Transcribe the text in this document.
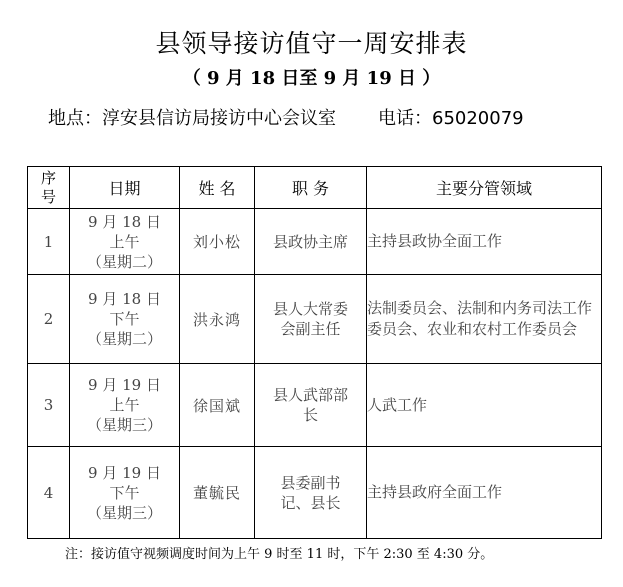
县领导接访值守一周安排表
（ 9 月 18 日至 9 月 19 日 ）
地点：淳安县信访局接访中心会议室 电话：65020079
序
号	日期	姓 名	职 务	主要分管领域
1	9 月 18 日
上午
（星期二）	刘小松	县政协主席	主持县政协全面工作
2	9 月 18 日
下午
（星期二）	洪永鸿	县人大常委
会副主任	法制委员会、法制和内务司法工作委员会、农业和农村工作委员会
3	9 月 19 日
上午
（星期三）	徐国斌	县人武部部
长	人武工作
4	9 月 19 日
下午
（星期三）	董毓民	县委副书
记、县长	主持县政府全面工作
注：接访值守视频调度时间为上午 9 时至 11 时，下午 2:30 至 4:30 分。
